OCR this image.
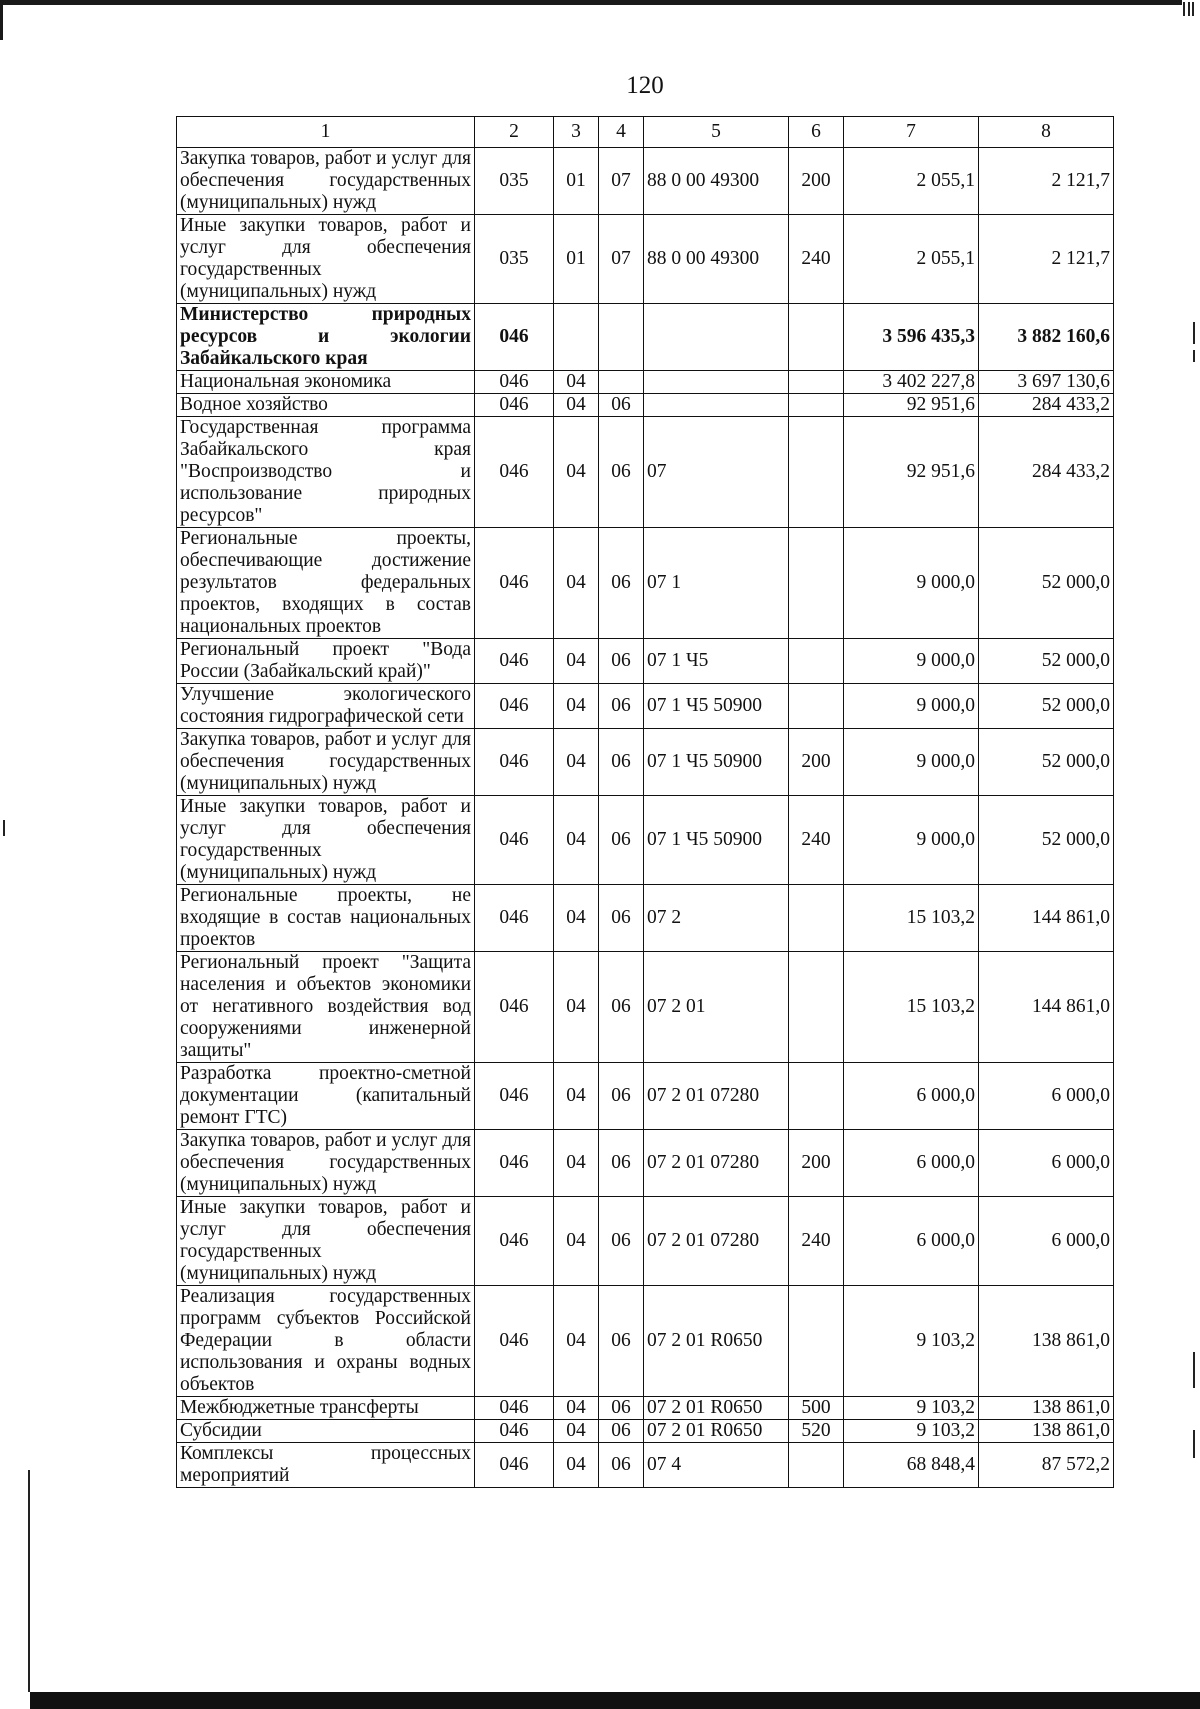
120
1	2	3	4	5	6	7	8
Закупка товаров, работ и услуг для обеспечения государственных (муниципальных) нужд	035	01	07	88 0 00 49300	200	2 055,1	2 121,7
Иные закупки товаров, работ и услуг для обеспечения государственных (муниципальных) нужд	035	01	07	88 0 00 49300	240	2 055,1	2 121,7
Министерство природных ресурсов и экологии Забайкальского края	046					3 596 435,3	3 882 160,6
Национальная экономика	046	04				3 402 227,8	3 697 130,6
Водное хозяйство	046	04	06			92 951,6	284 433,2
Государственная программа Забайкальского края "Воспроизводство и использование природных ресурсов"	046	04	06	07		92 951,6	284 433,2
Региональные проекты, обеспечивающие достижение результатов федеральных проектов, входящих в состав национальных проектов	046	04	06	07 1		9 000,0	52 000,0
Региональный проект "Вода России (Забайкальский край)"	046	04	06	07 1 Ч5		9 000,0	52 000,0
Улучшение экологического состояния гидрографической сети	046	04	06	07 1 Ч5 50900		9 000,0	52 000,0
Закупка товаров, работ и услуг для обеспечения государственных (муниципальных) нужд	046	04	06	07 1 Ч5 50900	200	9 000,0	52 000,0
Иные закупки товаров, работ и услуг для обеспечения государственных (муниципальных) нужд	046	04	06	07 1 Ч5 50900	240	9 000,0	52 000,0
Региональные проекты, не входящие в состав национальных проектов	046	04	06	07 2		15 103,2	144 861,0
Региональный проект "Защита населения и объектов экономики от негативного воздействия вод сооружениями инженерной защиты"	046	04	06	07 2 01		15 103,2	144 861,0
Разработка проектно-сметной документации (капитальный ремонт ГТС)	046	04	06	07 2 01 07280		6 000,0	6 000,0
Закупка товаров, работ и услуг для обеспечения государственных (муниципальных) нужд	046	04	06	07 2 01 07280	200	6 000,0	6 000,0
Иные закупки товаров, работ и услуг для обеспечения государственных (муниципальных) нужд	046	04	06	07 2 01 07280	240	6 000,0	6 000,0
Реализация государственных программ субъектов Российской Федерации в области использования и охраны водных объектов	046	04	06	07 2 01 R0650		9 103,2	138 861,0
Межбюджетные трансферты	046	04	06	07 2 01 R0650	500	9 103,2	138 861,0
Субсидии	046	04	06	07 2 01 R0650	520	9 103,2	138 861,0
Комплексы процессных мероприятий	046	04	06	07 4		68 848,4	87 572,2
